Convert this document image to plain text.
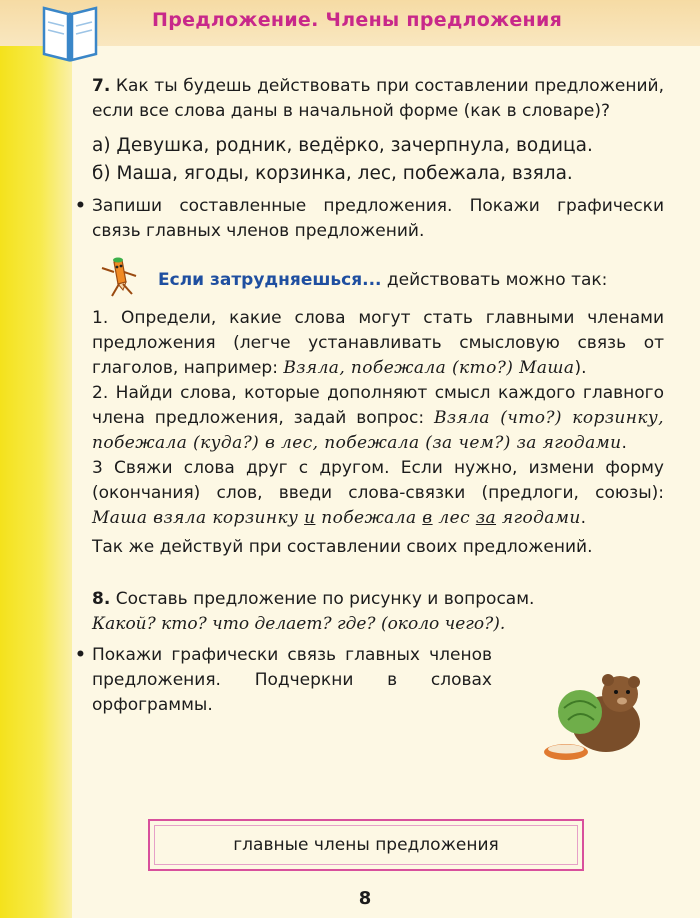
Предложение. Члены предложения

7. Как ты будешь действовать при составлении предложений, если все слова даны в начальной форме (как в словаре)?

а) Девушка, родник, ведёрко, зачерпнула, водица.

б) Маша, ягоды, корзинка, лес, побежала, взяла.

• Запиши составленные предложения. Покажи графически связь главных членов предложений.

Если затрудняешься... действовать можно так:

1. Определи, какие слова могут стать главными членами предложения (легче устанавливать смысловую связь от глаголов, например: Взяла, побежала (кто?) Маша).

2. Найди слова, которые дополняют смысл каждого главного члена предложения, задай вопрос: Взяла (что?) корзинку, побежала (куда?) в лес, побежала (за чем?) за ягодами.

3 Свяжи слова друг с другом. Если нужно, измени форму (окончания) слов, введи слова-связки (предлоги, союзы): Маша взяла корзинку и побежала в лес за ягодами.

Так же действуй при составлении своих предложений.

8. Составь предложение по рисунку и вопросам.

Какой? кто? что делает? где? (около чего?).

• Покажи графически связь главных членов предложения. Подчеркни в словах орфограммы.

главные члены предложения
8
